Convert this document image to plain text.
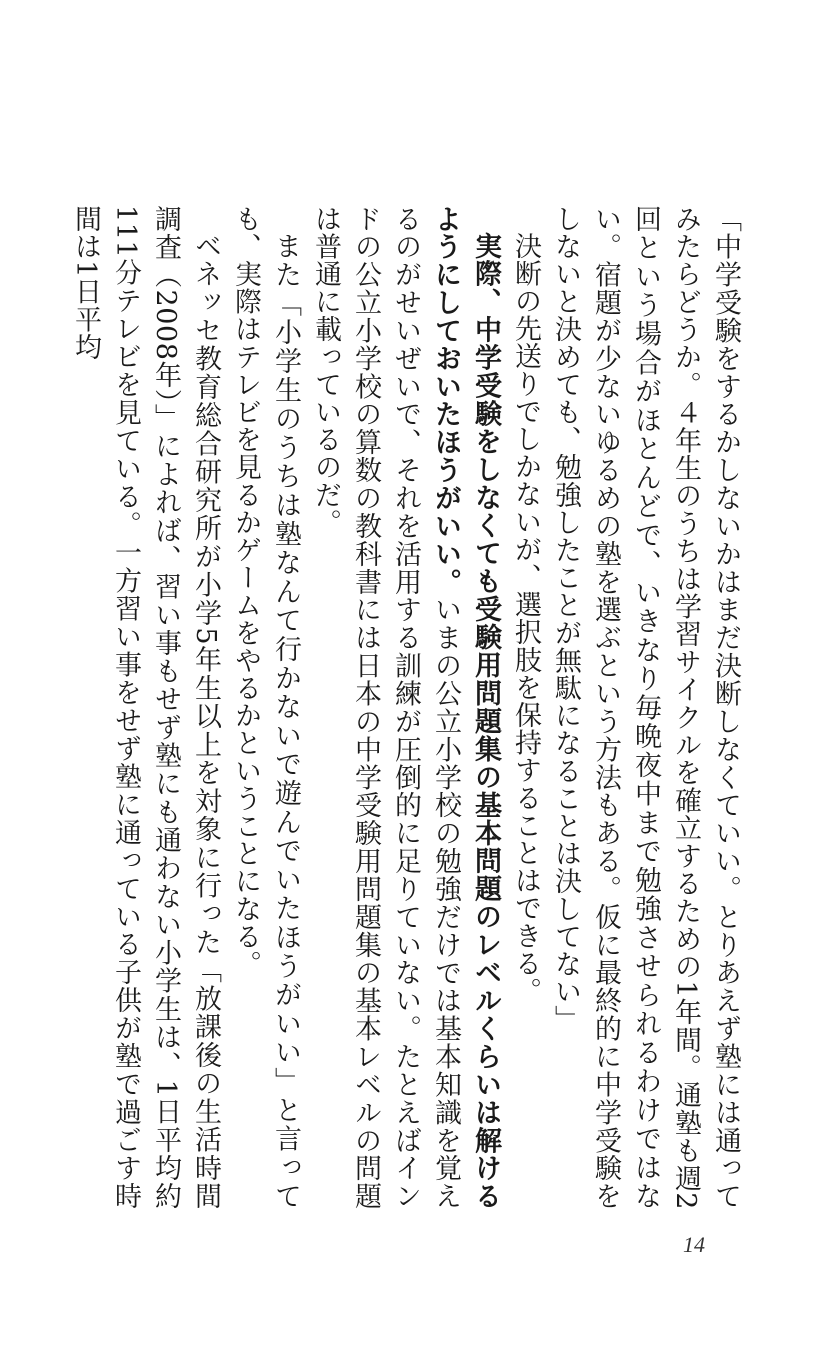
「中学受験をするかしないかはまだ決断しなくていい。とりあえず塾には通ってみたらどうか。４年生のうちは学習サイクルを確立するための1年間。通塾も週2回という場合がほとんどで、いきなり毎晩夜中まで勉強させられるわけではない。宿題が少ないゆるめの塾を選ぶという方法もある。仮に最終的に中学受験をしないと決めても、勉強したことが無駄になることは決してない」

決断の先送りでしかないが、選択肢を保持することはできる。

実際、中学受験をしなくても受験用問題集の基本問題のレベルくらいは解けるようにしておいたほうがいい。いまの公立小学校の勉強だけでは基本知識を覚えるのがせいぜいで、それを活用する訓練が圧倒的に足りていない。たとえばインドの公立小学校の算数の教科書には日本の中学受験用問題集の基本レベルの問題は普通に載っているのだ。

また「小学生のうちは塾なんて行かないで遊んでいたほうがいい」と言っても、実際はテレビを見るかゲームをやるかということになる。

ベネッセ教育総合研究所が小学5年生以上を対象に行った「放課後の生活時間調査（2008年）」によれば、習い事もせず塾にも通わない小学生は、1日平均約111分テレビを見ている。一方習い事をせず塾に通っている子供が塾で過ごす時間は1日平均

14
